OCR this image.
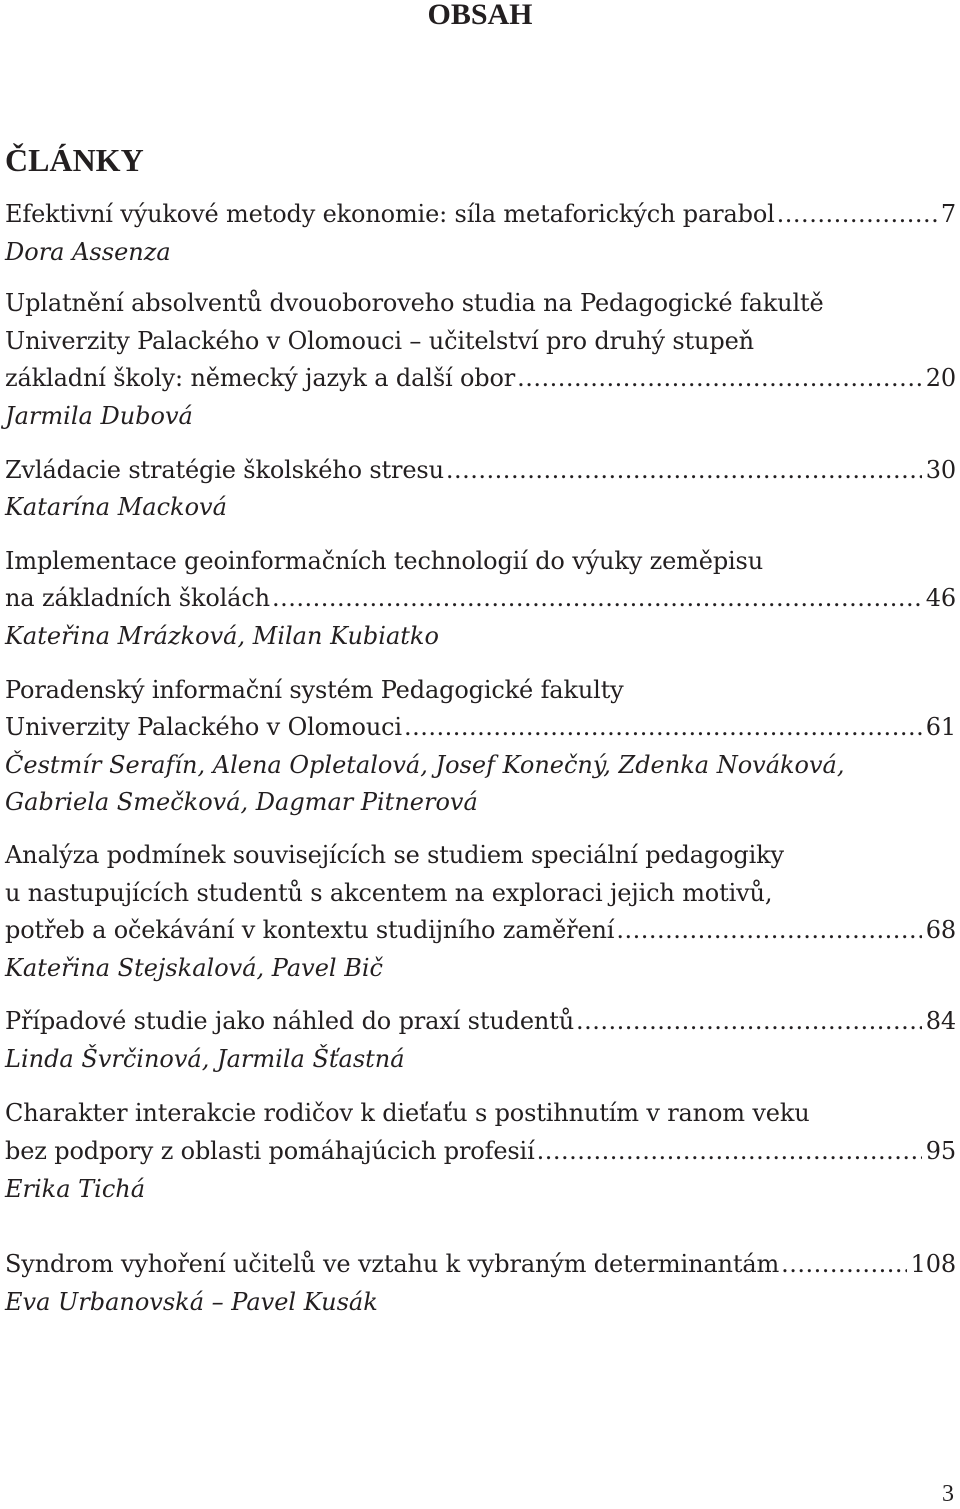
OBSAH
ČLÁNKY
Efektivní výukové metody ekonomie: síla metaforických parabol .....	7
Dora Assenza
Uplatnění absolventů dvouoboroveho studia na Pedagogické fakultě
Univerzity Palackého v Olomouci – učitelství pro druhý stupeň
základní školy: německý jazyk a další obor .....	20
Jarmila Dubová
Zvládacie stratégie školského stresu .....	30
Katarína Macková
Implementace geoinformačních technologií do výuky zeměpisu
na základních školách .....	46
Kateřina Mrázková, Milan Kubiatko
Poradenský informační systém Pedagogické fakulty
Univerzity Palackého v Olomouci .....	61
Čestmír Serafín, Alena Opletalová, Josef Konečný, Zdenka Nováková,
Gabriela Smečková, Dagmar Pitnerová
Analýza podmínek souvisejících se studiem speciální pedagogiky
u nastupujících studentů s akcentem na exploraci jejich motivů,
potřeb a očekávání v kontextu studijního zaměření .....	68
Kateřina Stejskalová, Pavel Bič
Případové studie jako náhled do praxí studentů .....	84
Linda Švrčinová, Jarmila Šťastná
Charakter interakcie rodičov k dieťaťu s postihnutím v ranom veku
bez podpory z oblasti pomáhajúcich profesií .....	95
Erika Tichá
Syndrom vyhoření učitelů ve vztahu k vybraným determinantám .....	108
Eva Urbanovská – Pavel Kusák
3
